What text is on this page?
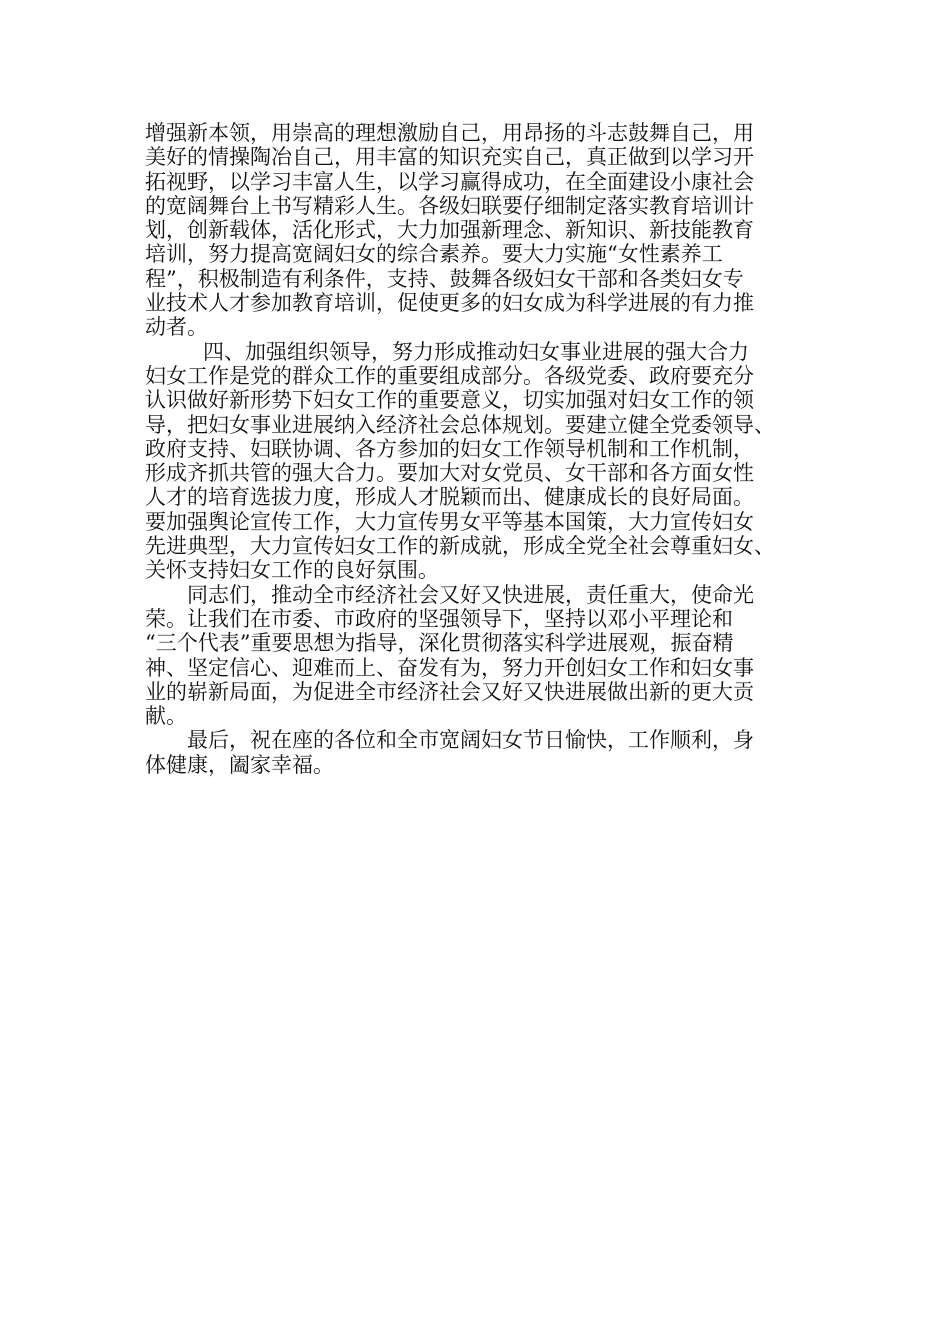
增强新本领，用崇高的理想激励自己，用昂扬的斗志鼓舞自己，用
美好的情操陶冶自己，用丰富的知识充实自己，真正做到以学习开
拓视野，以学习丰富人生，以学习赢得成功，在全面建设小康社会
的宽阔舞台上书写精彩人生。各级妇联要仔细制定落实教育培训计
划，创新载体，活化形式，大力加强新理念、新知识、新技能教育
培训，努力提高宽阔妇女的综合素养。要大力实施“女性素养工
程”，积极制造有利条件，支持、鼓舞各级妇女干部和各类妇女专
业技术人才参加教育培训，促使更多的妇女成为科学进展的有力推
动者。
四、加强组织领导，努力形成推动妇女事业进展的强大合力
妇女工作是党的群众工作的重要组成部分。各级党委、政府要充分
认识做好新形势下妇女工作的重要意义，切实加强对妇女工作的领
导，把妇女事业进展纳入经济社会总体规划。要建立健全党委领导、
政府支持、妇联协调、各方参加的妇女工作领导机制和工作机制，
形成齐抓共管的强大合力。要加大对女党员、女干部和各方面女性
人才的培育选拔力度，形成人才脱颖而出、健康成长的良好局面。
要加强舆论宣传工作，大力宣传男女平等基本国策，大力宣传妇女
先进典型，大力宣传妇女工作的新成就，形成全党全社会尊重妇女、
关怀支持妇女工作的良好氛围。
同志们，推动全市经济社会又好又快进展，责任重大，使命光
荣。让我们在市委、市政府的坚强领导下，坚持以邓小平理论和
“三个代表”重要思想为指导，深化贯彻落实科学进展观，振奋精
神、坚定信心、迎难而上、奋发有为，努力开创妇女工作和妇女事
业的崭新局面，为促进全市经济社会又好又快进展做出新的更大贡
献。
最后，祝在座的各位和全市宽阔妇女节日愉快，工作顺利，身
体健康，阖家幸福。
